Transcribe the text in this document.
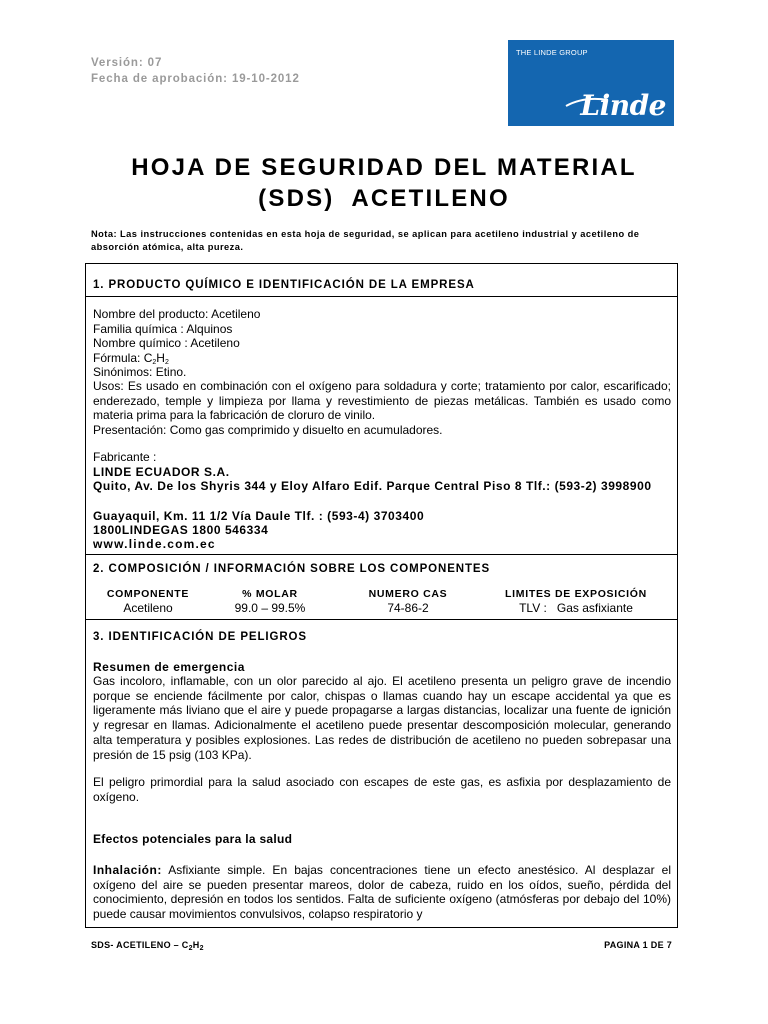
Versión: 07
Fecha de aprobación: 19-10-2012
THE LINDE GROUP
Linde
HOJA DE SEGURIDAD DEL MATERIAL
(SDS)  ACETILENO
Nota: Las instrucciones contenidas en esta hoja de seguridad, se aplican para acetileno industrial y acetileno de absorción atómica, alta pureza.
1. PRODUCTO QUÍMICO E IDENTIFICACIÓN DE LA EMPRESA
Nombre del producto: Acetileno
Familia química : Alquinos
Nombre químico : Acetileno
Fórmula: $C_2H_2$
Sinónimos: Etino.
Usos: Es usado en combinación con el oxígeno para soldadura y corte; tratamiento por calor, escarificado; enderezado, temple y limpieza por llama y revestimiento de piezas metálicas. También es usado como materia prima para la fabricación de cloruro de vinilo.
Presentación: Como gas comprimido y disuelto en acumuladores.
Fabricante :
LINDE ECUADOR S.A.
Quito, Av. De los Shyris 344 y Eloy Alfaro Edif. Parque Central Piso 8 Tlf.: (593-2) 3998900
Guayaquil, Km. 11 1/2 Vía Daule Tlf. : (593-4) 3703400
1800LINDEGAS 1800 546334
www.linde.com.ec
2. COMPOSICIÓN / INFORMACIÓN SOBRE LOS COMPONENTES
COMPONENTE	% MOLAR	NUMERO CAS	LIMITES DE EXPOSICIÓN
Acetileno	99.0 – 99.5%	74-86-2	TLV :   Gas asfixiante
3. IDENTIFICACIÓN DE PELIGROS
Resumen de emergencia
Gas incoloro, inflamable, con un olor parecido al ajo. El acetileno presenta un peligro grave de incendio porque se enciende fácilmente por calor, chispas o llamas cuando hay un escape accidental ya que es ligeramente más liviano que el aire y puede propagarse a largas distancias, localizar una fuente de ignición y regresar en llamas. Adicionalmente el acetileno puede presentar descomposición molecular, generando alta temperatura y posibles explosiones. Las redes de distribución de acetileno no pueden sobrepasar una presión de 15 psig (103 KPa).
El peligro primordial para la salud asociado con escapes de este gas, es asfixia por desplazamiento de oxígeno.
Efectos potenciales para la salud
Inhalación: Asfixiante simple. En bajas concentraciones tiene un efecto anestésico. Al desplazar el oxígeno del aire se pueden presentar mareos, dolor de cabeza, ruido en los oídos, sueño, pérdida del conocimiento, depresión en todos los sentidos. Falta de suficiente oxígeno (atmósferas por debajo del 10%) puede causar movimientos convulsivos, colapso respiratorio y
SDS- ACETILENO – $C_2H_2$	PAGINA 1 DE 7
